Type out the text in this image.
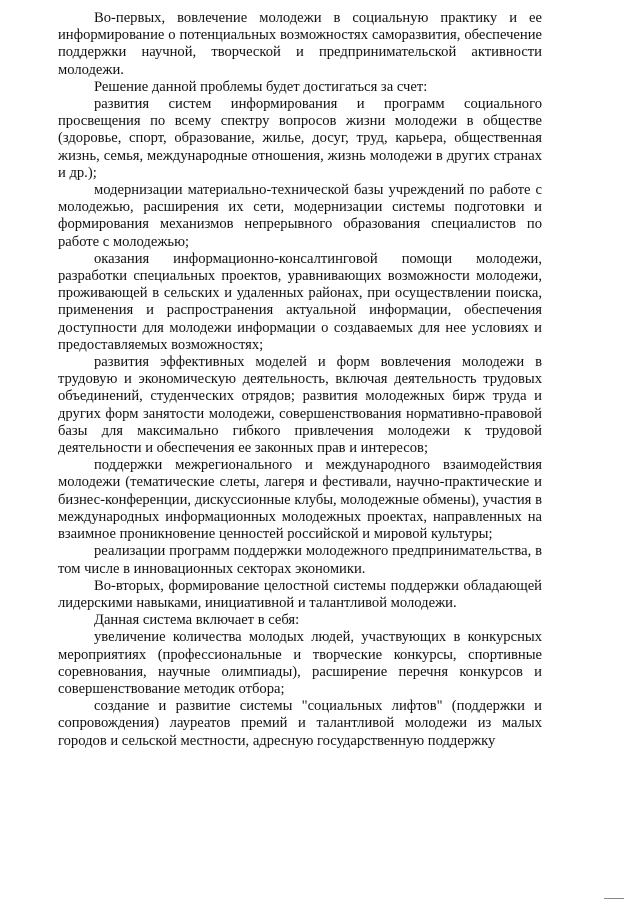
Во-первых, вовлечение молодежи в социальную практику и ее информирование о потенциальных возможностях саморазвития, обеспечение поддержки научной, творческой и предпринимательской активности молодежи.

Решение данной проблемы будет достигаться за счет:

развития систем информирования и программ социального просвещения по всему спектру вопросов жизни молодежи в обществе (здоровье, спорт, образование, жилье, досуг, труд, карьера, общественная жизнь, семья, международные отношения, жизнь молодежи в других странах и др.);

модернизации материально-технической базы учреждений по работе с молодежью, расширения их сети, модернизации системы подготовки и формирования механизмов непрерывного образования специалистов по работе с молодежью;

оказания информационно-консалтинговой помощи молодежи, разработки специальных проектов, уравнивающих возможности молодежи, проживающей в сельских и удаленных районах, при осуществлении поиска, применения и распространения актуальной информации, обеспечения доступности для молодежи информации о создаваемых для нее условиях и предоставляемых возможностях;

развития эффективных моделей и форм вовлечения молодежи в трудовую и экономическую деятельность, включая деятельность трудовых объединений, студенческих отрядов; развития молодежных бирж труда и других форм занятости молодежи, совершенствования нормативно-правовой базы для максимально гибкого привлечения молодежи к трудовой деятельности и обеспечения ее законных прав и интересов;

поддержки межрегионального и международного взаимодействия молодежи (тематические слеты, лагеря и фестивали, научно-практические и бизнес-конференции, дискуссионные клубы, молодежные обмены), участия в международных информационных молодежных проектах, направленных на взаимное проникновение ценностей российской и мировой культуры;

реализации программ поддержки молодежного предпринимательства, в том числе в инновационных секторах экономики.

Во-вторых, формирование целостной системы поддержки обладающей лидерскими навыками, инициативной и талантливой молодежи.

Данная система включает в себя:

увеличение количества молодых людей, участвующих в конкурсных мероприятиях (профессиональные и творческие конкурсы, спортивные соревнования, научные олимпиады), расширение перечня конкурсов и совершенствование методик отбора;

создание и развитие системы "социальных лифтов" (поддержки и сопровождения) лауреатов премий и талантливой молодежи из малых городов и сельской местности, адресную государственную поддержку
